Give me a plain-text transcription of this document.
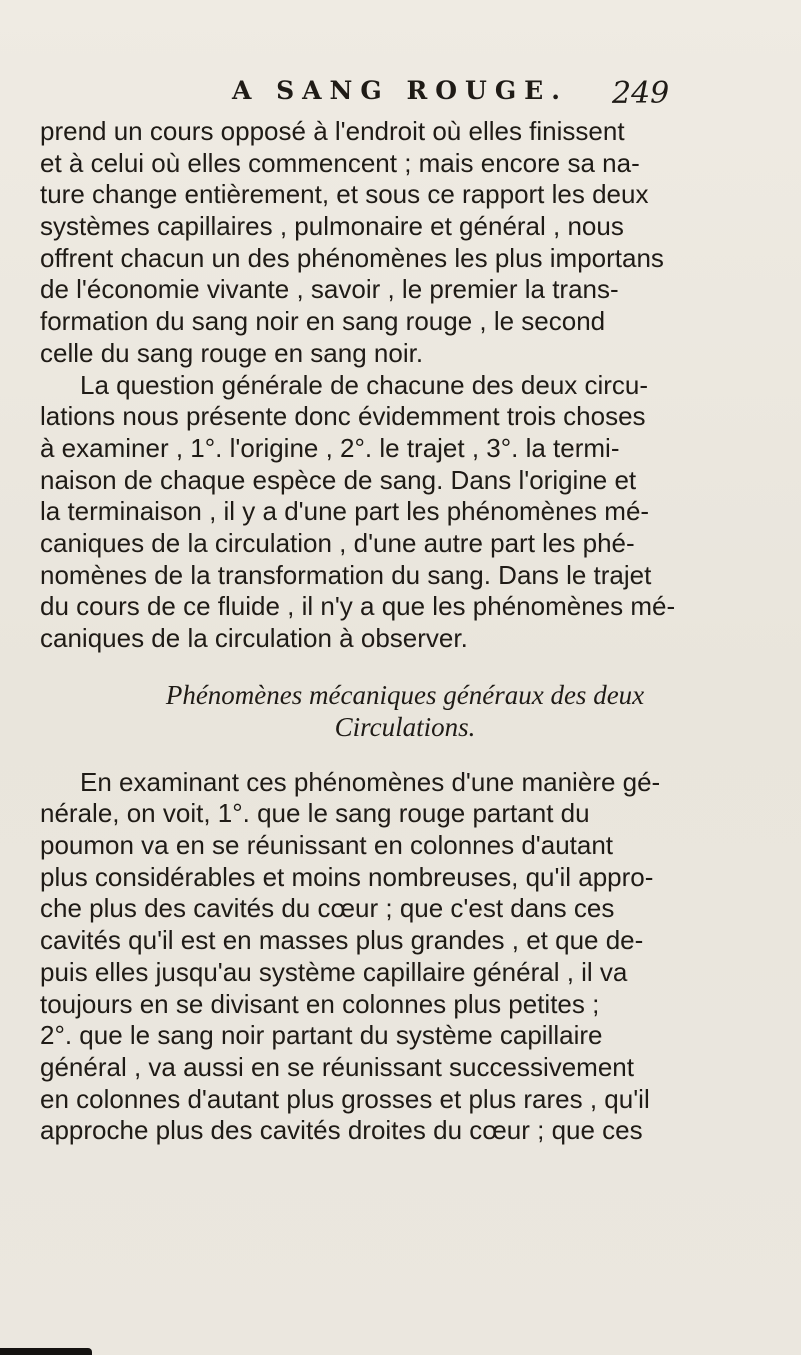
A SANG ROUGE.	249
prend un cours opposé à l'endroit où elles finissent
et à celui où elles commencent ; mais encore sa na-
ture change entièrement, et sous ce rapport les deux
systèmes capillaires , pulmonaire et général , nous
offrent chacun un des phénomènes les plus importans
de l'économie vivante , savoir , le premier la trans-
formation du sang noir en sang rouge , le second
celle du sang rouge en sang noir.
La question générale de chacune des deux circu-
lations nous présente donc évidemment trois choses
à examiner , 1°. l'origine , 2°. le trajet , 3°. la termi-
naison de chaque espèce de sang. Dans l'origine et
la terminaison , il y a d'une part les phénomènes mé-
caniques de la circulation , d'une autre part les phé-
nomènes de la transformation du sang. Dans le trajet
du cours de ce fluide , il n'y a que les phénomènes mé-
caniques de la circulation à observer.
Phénomènes mécaniques généraux des deux
Circulations.
En examinant ces phénomènes d'une manière gé-
nérale, on voit, 1°. que le sang rouge partant du
poumon va en se réunissant en colonnes d'autant
plus considérables et moins nombreuses, qu'il appro-
che plus des cavités du cœur ; que c'est dans ces
cavités qu'il est en masses plus grandes , et que de-
puis elles jusqu'au système capillaire général , il va
toujours en se divisant en colonnes plus petites ;
2°. que le sang noir partant du système capillaire
général , va aussi en se réunissant successivement
en colonnes d'autant plus grosses et plus rares , qu'il
approche plus des cavités droites du cœur ; que ces
